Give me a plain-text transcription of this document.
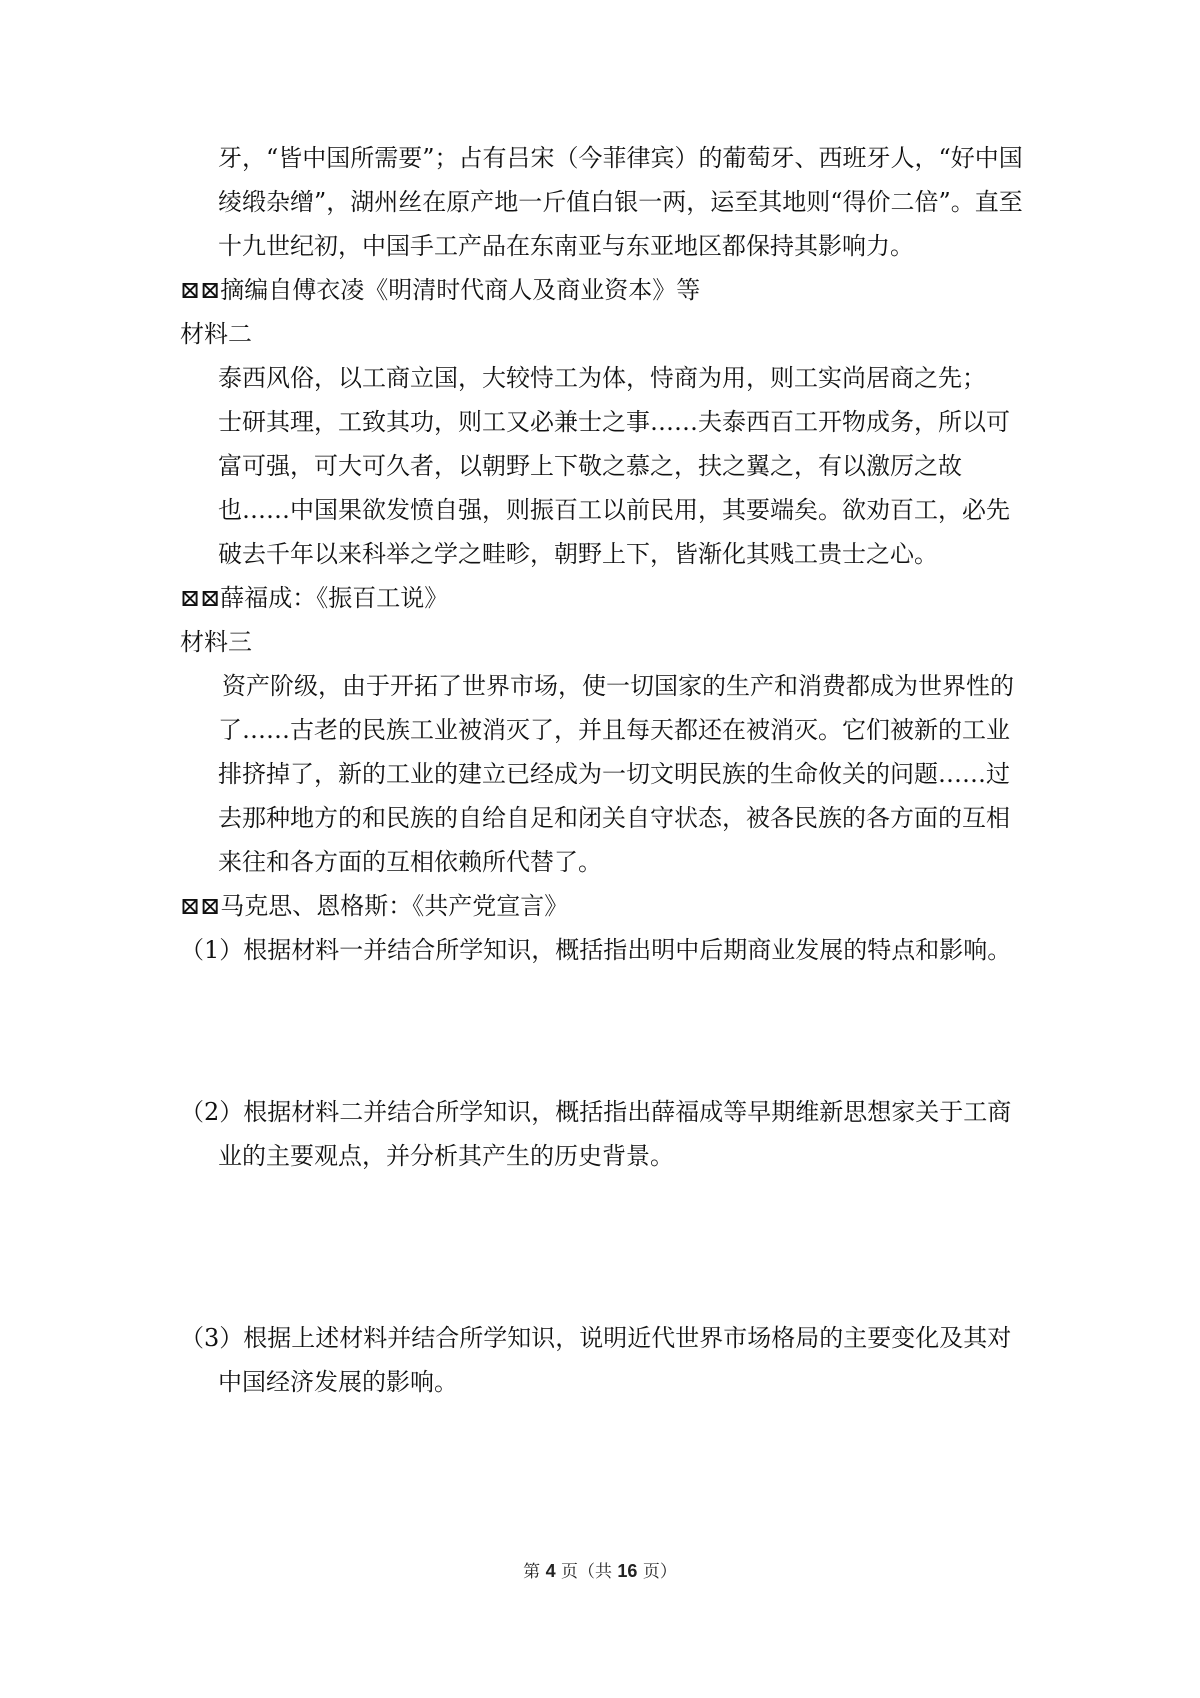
牙，“皆中国所需要”；占有吕宋（今菲律宾）的葡萄牙、西班牙人，“好中国
绫缎杂缯”，湖州丝在原产地一斤值白银一两，运至其地则“得价二倍”。直至
十九世纪初，中国手工产品在东南亚与东亚地区都保持其影响力。
⊠⊠摘编自傅衣凌《明清时代商人及商业资本》等
材料二
泰西风俗，以工商立国，大较恃工为体，恃商为用，则工实尚居商之先；
士研其理，工致其功，则工又必兼士之事……夫泰西百工开物成务，所以可
富可强，可大可久者，以朝野上下敬之慕之，扶之翼之，有以激厉之故
也……中国果欲发愤自强，则振百工以前民用，其要端矣。欲劝百工，必先
破去千年以来科举之学之畦畛，朝野上下，皆渐化其贱工贵士之心。
⊠⊠薛福成：《振百工说》
材料三
资产阶级，由于开拓了世界市场，使一切国家的生产和消费都成为世界性的
了……古老的民族工业被消灭了，并且每天都还在被消灭。它们被新的工业
排挤掉了，新的工业的建立已经成为一切文明民族的生命攸关的问题……过
去那种地方的和民族的自给自足和闭关自守状态，被各民族的各方面的互相
来往和各方面的互相依赖所代替了。
⊠⊠马克思、恩格斯：《共产党宣言》
（1）根据材料一并结合所学知识，概括指出明中后期商业发展的特点和影响。
（2）根据材料二并结合所学知识，概括指出薛福成等早期维新思想家关于工商
业的主要观点，并分析其产生的历史背景。
（3）根据上述材料并结合所学知识，说明近代世界市场格局的主要变化及其对
中国经济发展的影响。
第 4 页（共 16 页）
